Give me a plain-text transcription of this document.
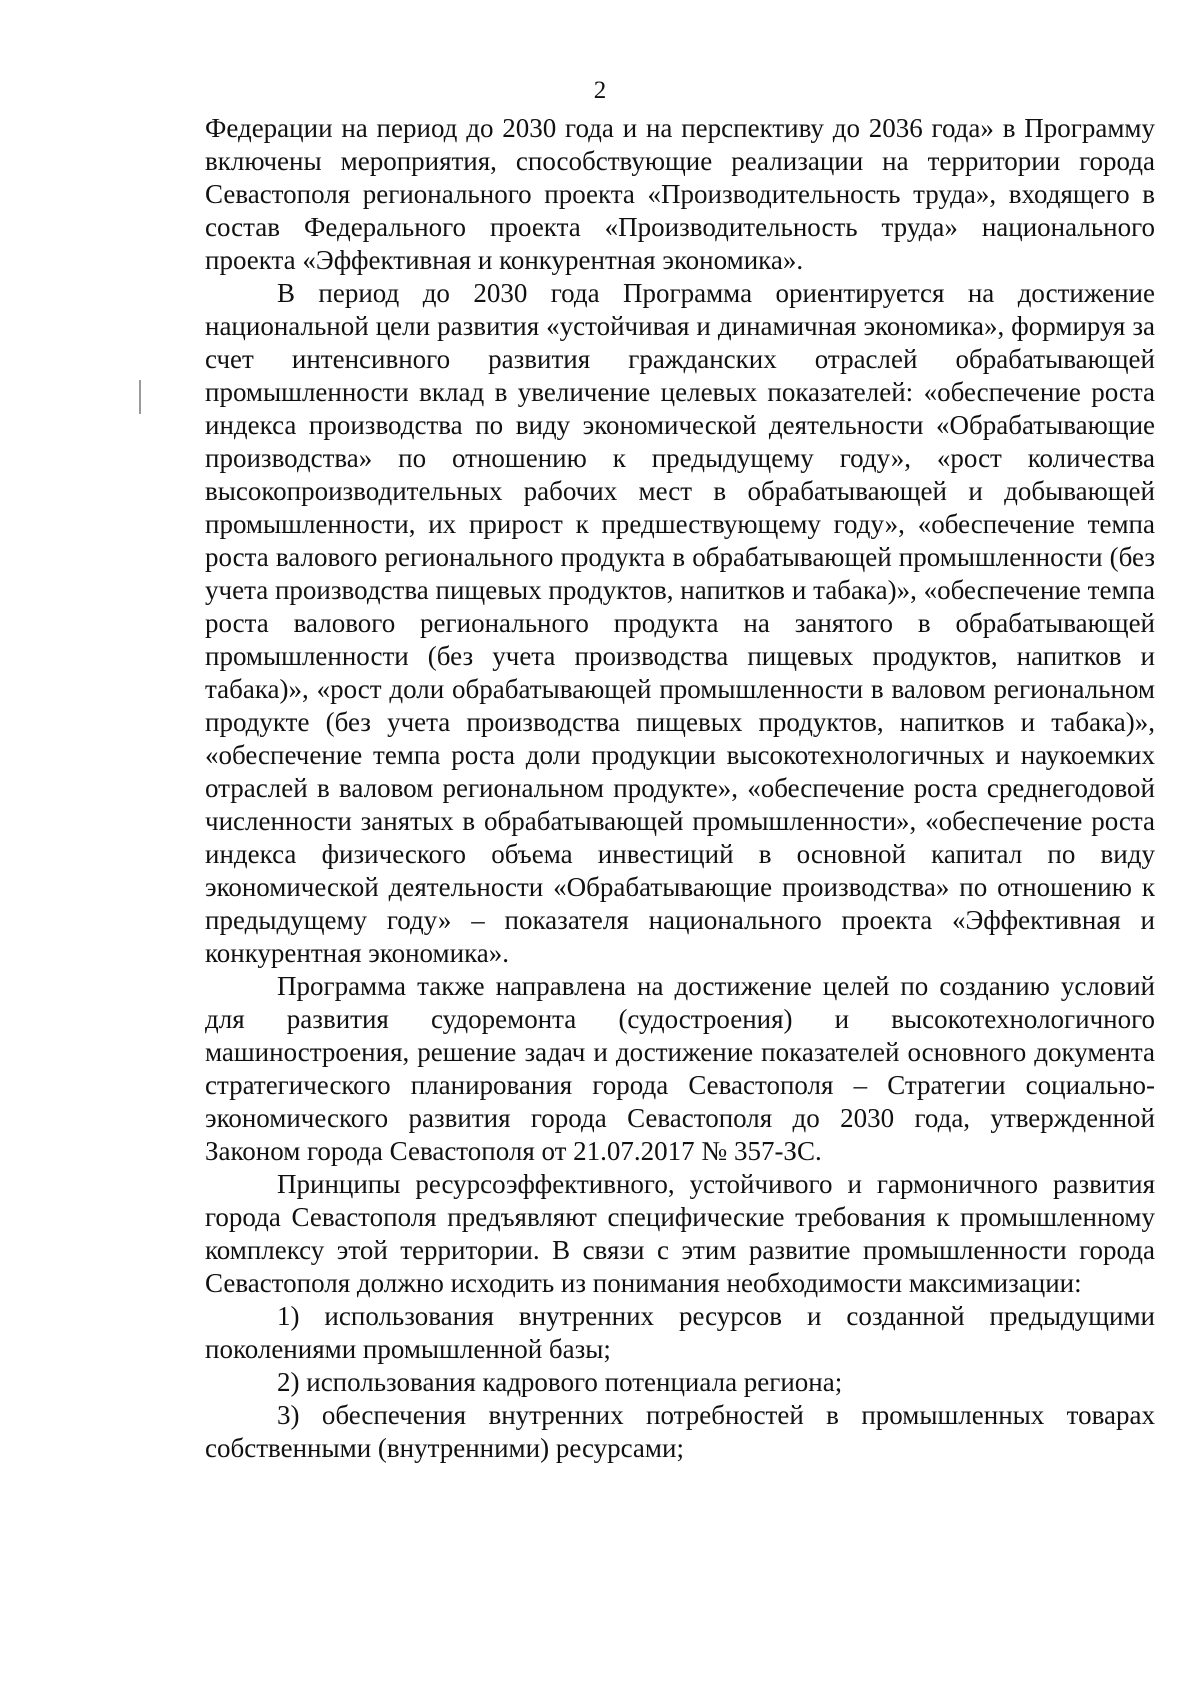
2

Федерации на период до 2030 года и на перспективу до 2036 года» в Программу включены мероприятия, способствующие реализации на территории города Севастополя регионального проекта «Производительность труда», входящего в состав Федерального проекта «Производительность труда» национального проекта «Эффективная и конкурентная экономика».

В период до 2030 года Программа ориентируется на достижение национальной цели развития «устойчивая и динамичная экономика», формируя за счет интенсивного развития гражданских отраслей обрабатывающей промышленности вклад в увеличение целевых показателей: «обеспечение роста индекса производства по виду экономической деятельности «Обрабатывающие производства» по отношению к предыдущему году», «рост количества высокопроизводительных рабочих мест в обрабатывающей и добывающей промышленности, их прирост к предшествующему году», «обеспечение темпа роста валового регионального продукта в обрабатывающей промышленности (без учета производства пищевых продуктов, напитков и табака)», «обеспечение темпа роста валового регионального продукта на занятого в обрабатывающей промышленности (без учета производства пищевых продуктов, напитков и табака)», «рост доли обрабатывающей промышленности в валовом региональном продукте (без учета производства пищевых продуктов, напитков и табака)», «обеспечение темпа роста доли продукции высокотехнологичных и наукоемких отраслей в валовом региональном продукте», «обеспечение роста среднегодовой численности занятых в обрабатывающей промышленности», «обеспечение роста индекса физического объема инвестиций в основной капитал по виду экономической деятельности «Обрабатывающие производства» по отношению к предыдущему году» – показателя национального проекта «Эффективная и конкурентная экономика».

Программа также направлена на достижение целей по созданию условий для развития судоремонта (судостроения) и высокотехнологичного машиностроения, решение задач и достижение показателей основного документа стратегического планирования города Севастополя – Стратегии социально-экономического развития города Севастополя до 2030 года, утвержденной Законом города Севастополя от 21.07.2017 № 357-ЗС.

Принципы ресурсоэффективного, устойчивого и гармоничного развития города Севастополя предъявляют специфические требования к промышленному комплексу этой территории. В связи с этим развитие промышленности города Севастополя должно исходить из понимания необходимости максимизации:

1) использования внутренних ресурсов и созданной предыдущими поколениями промышленной базы;

2) использования кадрового потенциала региона;

3) обеспечения внутренних потребностей в промышленных товарах собственными (внутренними) ресурсами;
